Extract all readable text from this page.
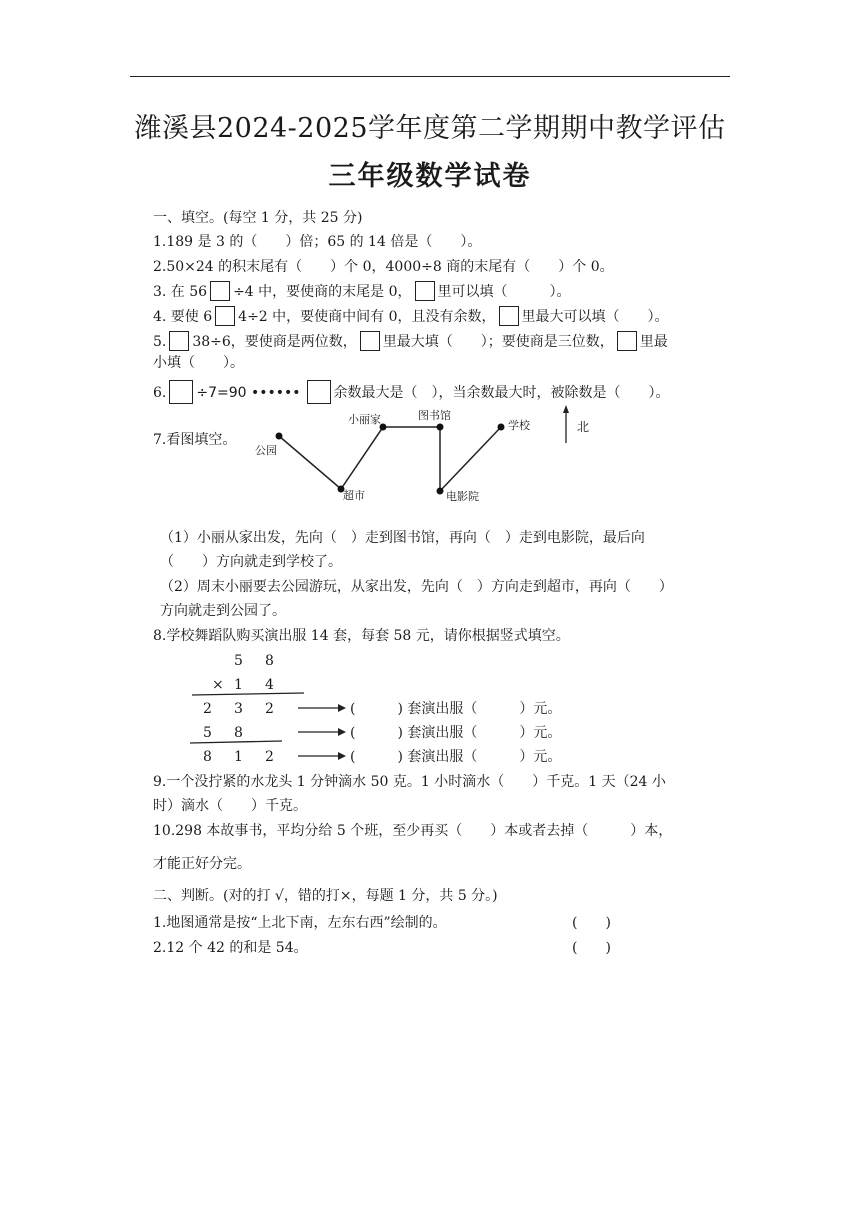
潍溪县2024-2025学年度第二学期期中教学评估
三年级数学试卷
一、填空。(每空 1 分，共 25 分)
1.189 是 3 的（　　）倍；65 的 14 倍是（　　）。
2.50×24 的积末尾有（　　）个 0，4000÷8 商的末尾有（　　）个 0。
3. 在 56 ÷4 中，要使商的末尾是 0， 里可以填（　　　）。
4. 要使 6 4÷2 中，要使商中间有 0，且没有余数， 里最大可以填（　　）。
5. 38÷6，要使商是两位数， 里最大填（　　）；要使商是三位数， 里最
小填（　　）。
6. ÷7=90 •••••• 余数最大是（　），当余数最大时，被除数是（　　）。
7.看图填空。
公园
小丽家	图书馆
学校
超市	电影院
北
（1）小丽从家出发，先向（　）走到图书馆，再向（　）走到电影院，最后向
（　　）方向就走到学校了。
（2）周末小丽要去公园游玩，从家出发，先向（　）方向走到超市，再向（　　）
方向就走到公园了。
8.学校舞蹈队购买演出服 14 套，每套 58 元，请你根据竖式填空。
5 8
× 1 4
2 3 2
5 8
8 1 2
(　　　) 套演出服（　　　）元。
(　　　) 套演出服（　　　）元。
(　　　) 套演出服（　　　）元。
9.一个没拧紧的水龙头 1 分钟滴水 50 克。1 小时滴水（　　）千克。1 天（24 小
时）滴水（　　）千克。
10.298 本故事书，平均分给 5 个班，至少再买（　　）本或者去掉（　　　）本，
才能正好分完。
二、判断。(对的打 √，错的打×，每题 1 分，共 5 分。)
1.地图通常是按“上北下南，左东右西”绘制的。	(　　)
2.12 个 42 的和是 54。	(　　)
